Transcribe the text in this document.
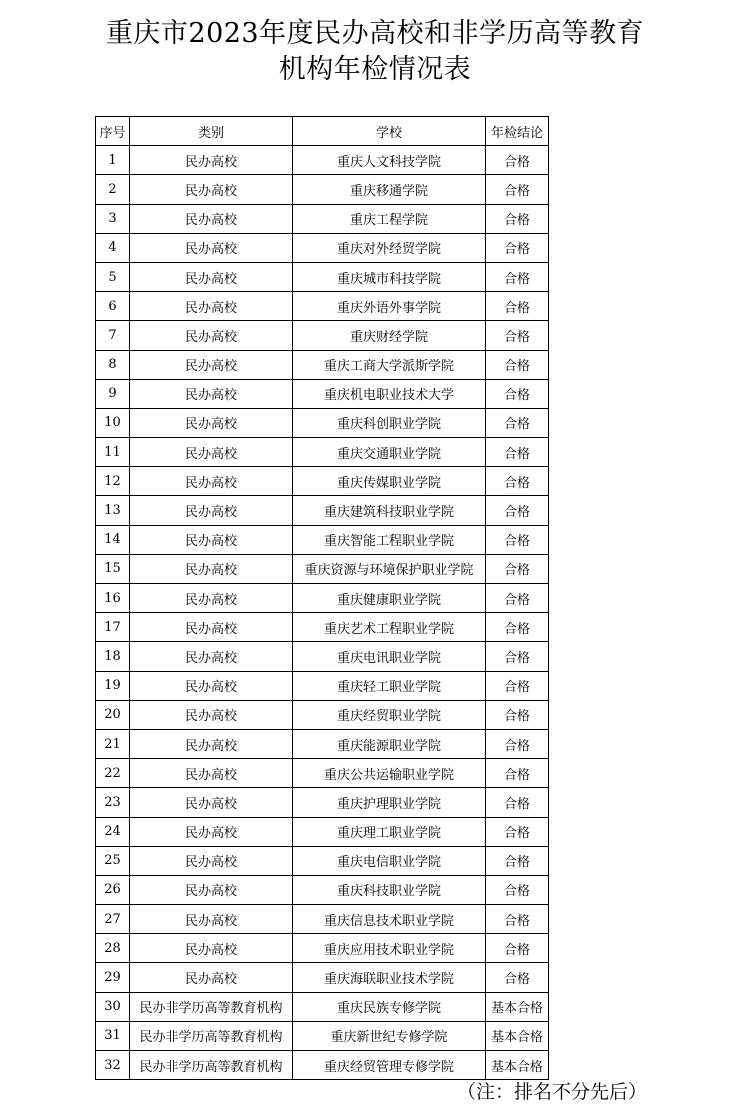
重庆市2023年度民办高校和非学历高等教育
机构年检情况表
序号	类别	学校	年检结论
1	民办高校	重庆人文科技学院	合格
2	民办高校	重庆移通学院	合格
3	民办高校	重庆工程学院	合格
4	民办高校	重庆对外经贸学院	合格
5	民办高校	重庆城市科技学院	合格
6	民办高校	重庆外语外事学院	合格
7	民办高校	重庆财经学院	合格
8	民办高校	重庆工商大学派斯学院	合格
9	民办高校	重庆机电职业技术大学	合格
10	民办高校	重庆科创职业学院	合格
11	民办高校	重庆交通职业学院	合格
12	民办高校	重庆传媒职业学院	合格
13	民办高校	重庆建筑科技职业学院	合格
14	民办高校	重庆智能工程职业学院	合格
15	民办高校	重庆资源与环境保护职业学院	合格
16	民办高校	重庆健康职业学院	合格
17	民办高校	重庆艺术工程职业学院	合格
18	民办高校	重庆电讯职业学院	合格
19	民办高校	重庆轻工职业学院	合格
20	民办高校	重庆经贸职业学院	合格
21	民办高校	重庆能源职业学院	合格
22	民办高校	重庆公共运输职业学院	合格
23	民办高校	重庆护理职业学院	合格
24	民办高校	重庆理工职业学院	合格
25	民办高校	重庆电信职业学院	合格
26	民办高校	重庆科技职业学院	合格
27	民办高校	重庆信息技术职业学院	合格
28	民办高校	重庆应用技术职业学院	合格
29	民办高校	重庆海联职业技术学院	合格
30	民办非学历高等教育机构	重庆民族专修学院	基本合格
31	民办非学历高等教育机构	重庆新世纪专修学院	基本合格
32	民办非学历高等教育机构	重庆经贸管理专修学院	基本合格
（注：排名不分先后）
